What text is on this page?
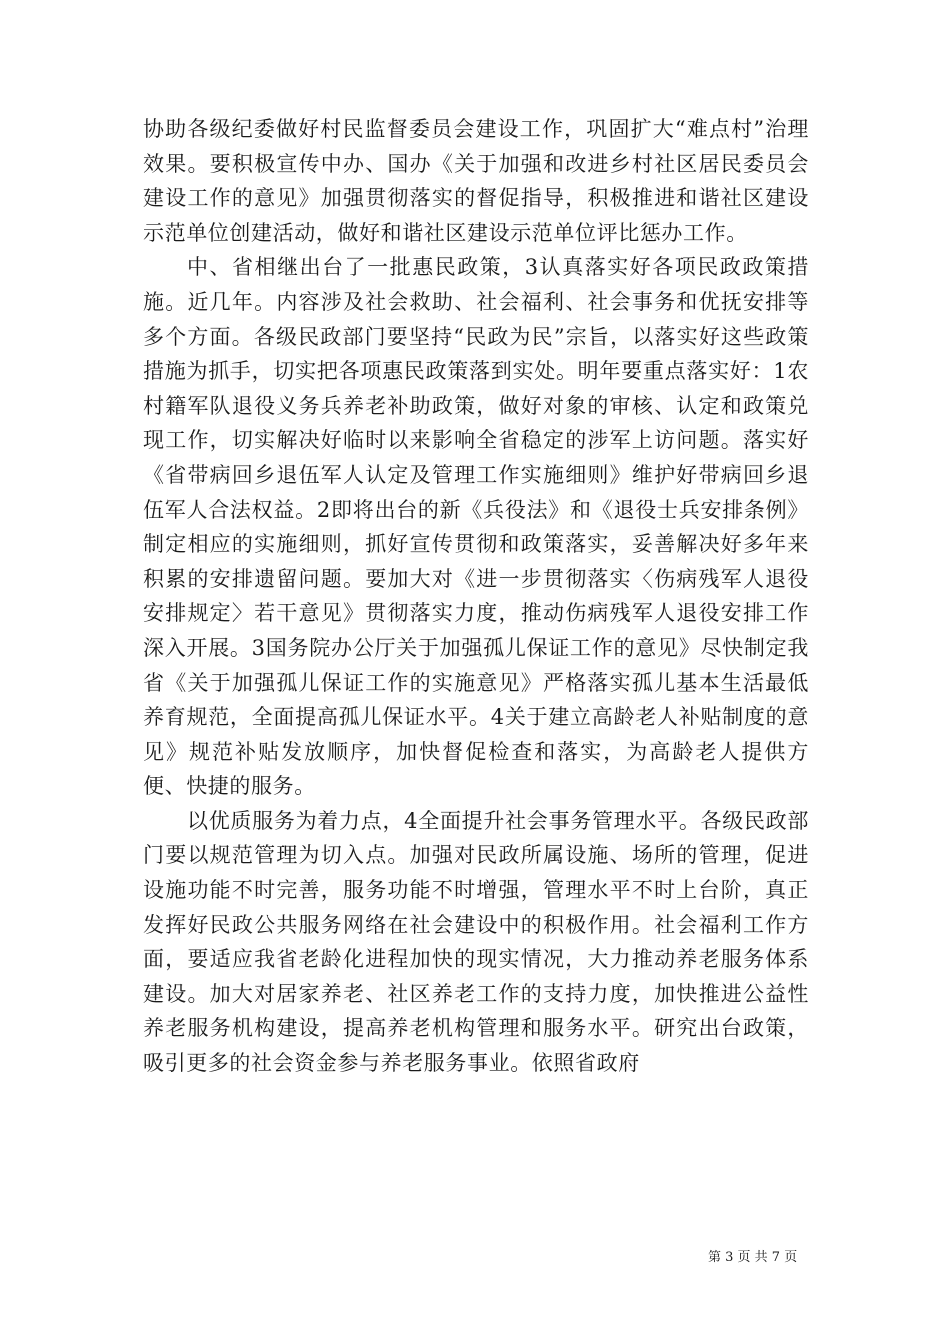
协助各级纪委做好村民监督委员会建设工作，巩固扩大“难点村”治理效果。要积极宣传中办、国办《关于加强和改进乡村社区居民委员会建设工作的意见》加强贯彻落实的督促指导，积极推进和谐社区建设示范单位创建活动，做好和谐社区建设示范单位评比惩办工作。

中、省相继出台了一批惠民政策，3认真落实好各项民政政策措施。近几年。内容涉及社会救助、社会福利、社会事务和优抚安排等多个方面。各级民政部门要坚持“民政为民”宗旨，以落实好这些政策措施为抓手，切实把各项惠民政策落到实处。明年要重点落实好：1农村籍军队退役义务兵养老补助政策，做好对象的审核、认定和政策兑现工作，切实解决好临时以来影响全省稳定的涉军上访问题。落实好《省带病回乡退伍军人认定及管理工作实施细则》维护好带病回乡退伍军人合法权益。2即将出台的新《兵役法》和《退役士兵安排条例》制定相应的实施细则，抓好宣传贯彻和政策落实，妥善解决好多年来积累的安排遗留问题。要加大对《进一步贯彻落实〈伤病残军人退役安排规定〉若干意见》贯彻落实力度，推动伤病残军人退役安排工作深入开展。3国务院办公厅关于加强孤儿保证工作的意见》尽快制定我省《关于加强孤儿保证工作的实施意见》严格落实孤儿基本生活最低养育规范，全面提高孤儿保证水平。4关于建立高龄老人补贴制度的意见》规范补贴发放顺序，加快督促检查和落实，为高龄老人提供方便、快捷的服务。

以优质服务为着力点，4全面提升社会事务管理水平。各级民政部门要以规范管理为切入点。加强对民政所属设施、场所的管理，促进设施功能不时完善，服务功能不时增强，管理水平不时上台阶，真正发挥好民政公共服务网络在社会建设中的积极作用。社会福利工作方面，要适应我省老龄化进程加快的现实情况，大力推动养老服务体系建设。加大对居家养老、社区养老工作的支持力度，加快推进公益性养老服务机构建设，提高养老机构管理和服务水平。研究出台政策，吸引更多的社会资金参与养老服务事业。依照省政府

第 3 页 共 7 页
